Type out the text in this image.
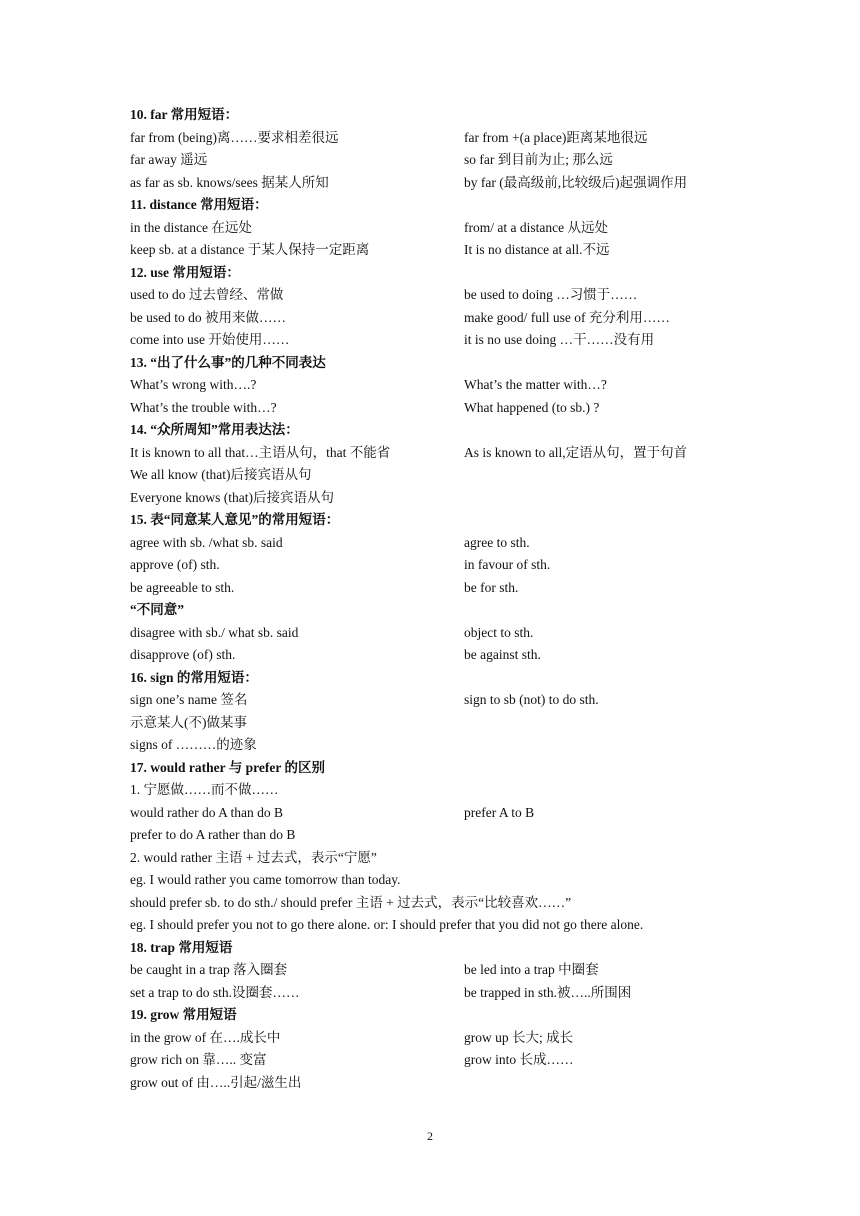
10. far 常用短语：
far from (being)离……要求相差很远	far from +(a place)距离某地很远
far away 遥远	so far 到目前为止; 那么远
as far as sb. knows/sees 据某人所知	by far (最高级前,比较级后)起强调作用
11. distance 常用短语：
in the distance 在远处	from/ at a distance 从远处
keep sb. at a distance 于某人保持一定距离	It is no distance at all.不远
12. use 常用短语：
used to do 过去曾经、常做	be used to doing …习惯于……
be used to do 被用来做……	make good/ full use of 充分利用……
come into use 开始使用……	it is no use doing …干……没有用
13. “出了什么事”的几种不同表达
What’s wrong with….?	What’s the matter with…?
What’s the trouble with…?	What happened (to sb.) ?
14. “众所周知”常用表达法：
It is known to all that…主语从句，that 不能省	As is known to all,定语从句，置于句首
We all know (that)后接宾语从句
Everyone knows (that)后接宾语从句
15. 表“同意某人意见”的常用短语：
agree with sb. /what sb. said	agree to sth.
approve (of) sth.	in favour of sth.
be agreeable to sth.	be for sth.
“不同意”
disagree with sb./ what sb. said	object to sth.
disapprove (of) sth.	be against sth.
16. sign 的常用短语：
sign one’s name 签名	sign to sb (not) to do sth.
示意某人(不)做某事
signs of ………的迹象
17. would rather 与 prefer 的区别
1. 宁愿做……而不做……
would rather do A than do B	prefer A to B
prefer to do A rather than do B
2. would rather 主语 + 过去式，表示“宁愿”
eg. I would rather you came tomorrow than today.
should prefer sb. to do sth./ should prefer 主语 + 过去式，表示“比较喜欢……”
eg. I should prefer you not to go there alone. or: I should prefer that you did not go there alone.
18. trap 常用短语
be caught in a trap 落入圈套	be led into a trap 中圈套
set a trap to do sth.设圈套……	be trapped in sth.被…..所围困
19. grow 常用短语
in the grow of 在….成长中	grow up 长大; 成长
grow rich on 靠….. 变富	grow into 长成……
grow out of 由…..引起/滋生出
2
